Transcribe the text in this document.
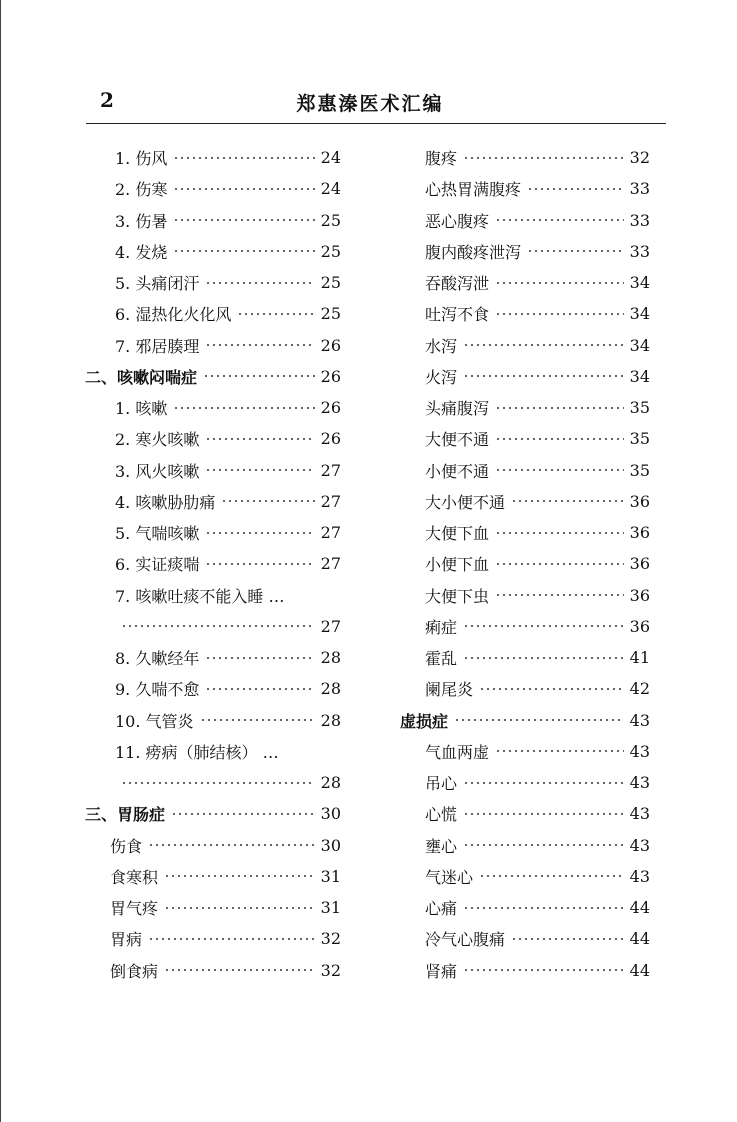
2	郑惠溱医术汇编
1. 伤风	24
2. 伤寒	24
3. 伤暑	25
4. 发烧	25
5. 头痛闭汗	25
6. 湿热化火化风	25
7. 邪居腠理	26
二、咳嗽闷喘症	26
1. 咳嗽	26
2. 寒火咳嗽	26
3. 风火咳嗽	27
4. 咳嗽胁肋痛	27
5. 气喘咳嗽	27
6. 实证痰喘	27
7. 咳嗽吐痰不能入睡 …
27
8. 久嗽经年	28
9. 久喘不愈	28
10. 气管炎	28
11. 痨病（肺结核） …
28
三、胃肠症	30
伤食	30
食寒积	31
胃气疼	31
胃病	32
倒食病	32
腹疼	32
心热胃满腹疼	33
恶心腹疼	33
腹内酸疼泄泻	33
吞酸泻泄	34
吐泻不食	34
水泻	34
火泻	34
头痛腹泻	35
大便不通	35
小便不通	35
大小便不通	36
大便下血	36
小便下血	36
大便下虫	36
痢症	36
霍乱	41
阑尾炎	42
虚损症	43
气血两虚	43
吊心	43
心慌	43
壅心	43
气迷心	43
心痛	44
冷气心腹痛	44
肾痛	44
